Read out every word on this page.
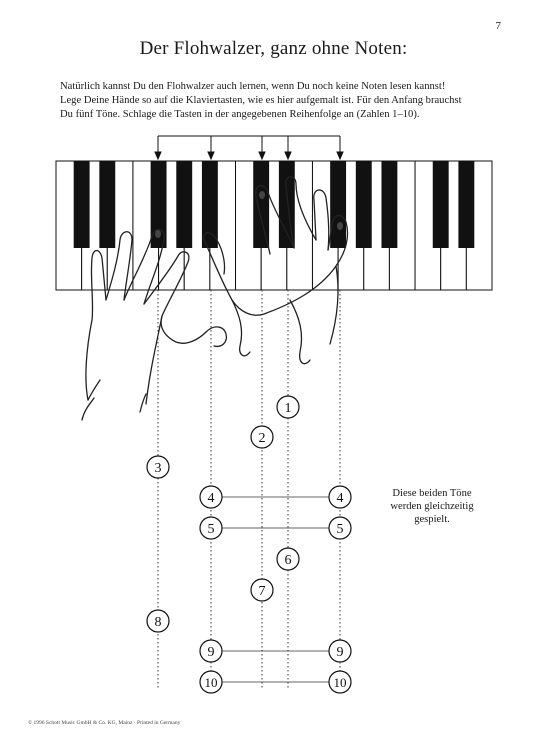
7
Der Flohwalzer, ganz ohne Noten:
Natürlich kannst Du den Flohwalzer auch lernen, wenn Du noch keine Noten lesen kannst!
Lege Deine Hände so auf die Klaviertasten, wie es hier aufgemalt ist. Für den Anfang brauchst
Du fünf Töne. Schlage die Tasten in der angegebenen Reihenfolge an (Zahlen 1–10).
1
2
3
4	4
5	5
6
7
8
9	9
10	10
Diese beiden Töne
werden gleichzeitig
gespielt.
© 1996 Schott Music GmbH & Co. KG, Mainz · Printed in Germany
